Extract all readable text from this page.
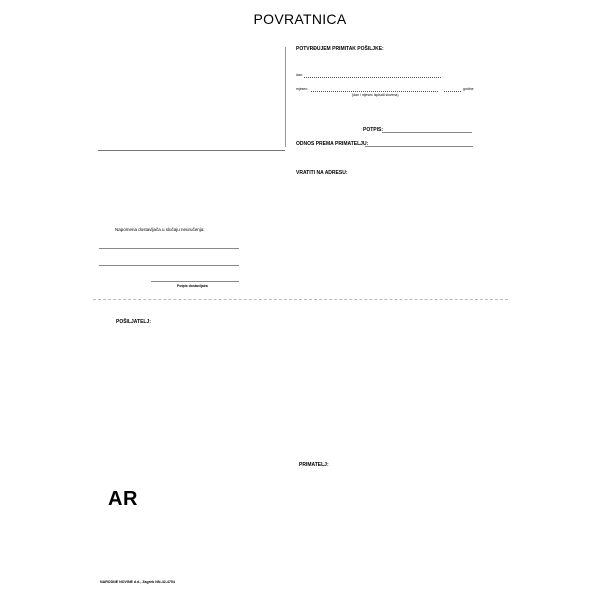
POVRATNICA
POTVRĐUJEM PRIMITAK POŠILJKE:
dan:
mjesec:	godine
(dan i mjesec ispisati slovima)
POTPIS:
ODNOS PREMA PRIMATELJU:
VRATITI NA ADRESU:
Napomena dostavljača u slučaju neuručenja:
Potpis dostavljača
POŠILJATELJ:
PRIMATELJ:
AR
NARODNE NOVINE d.d., Zagreb NN-42-4754
